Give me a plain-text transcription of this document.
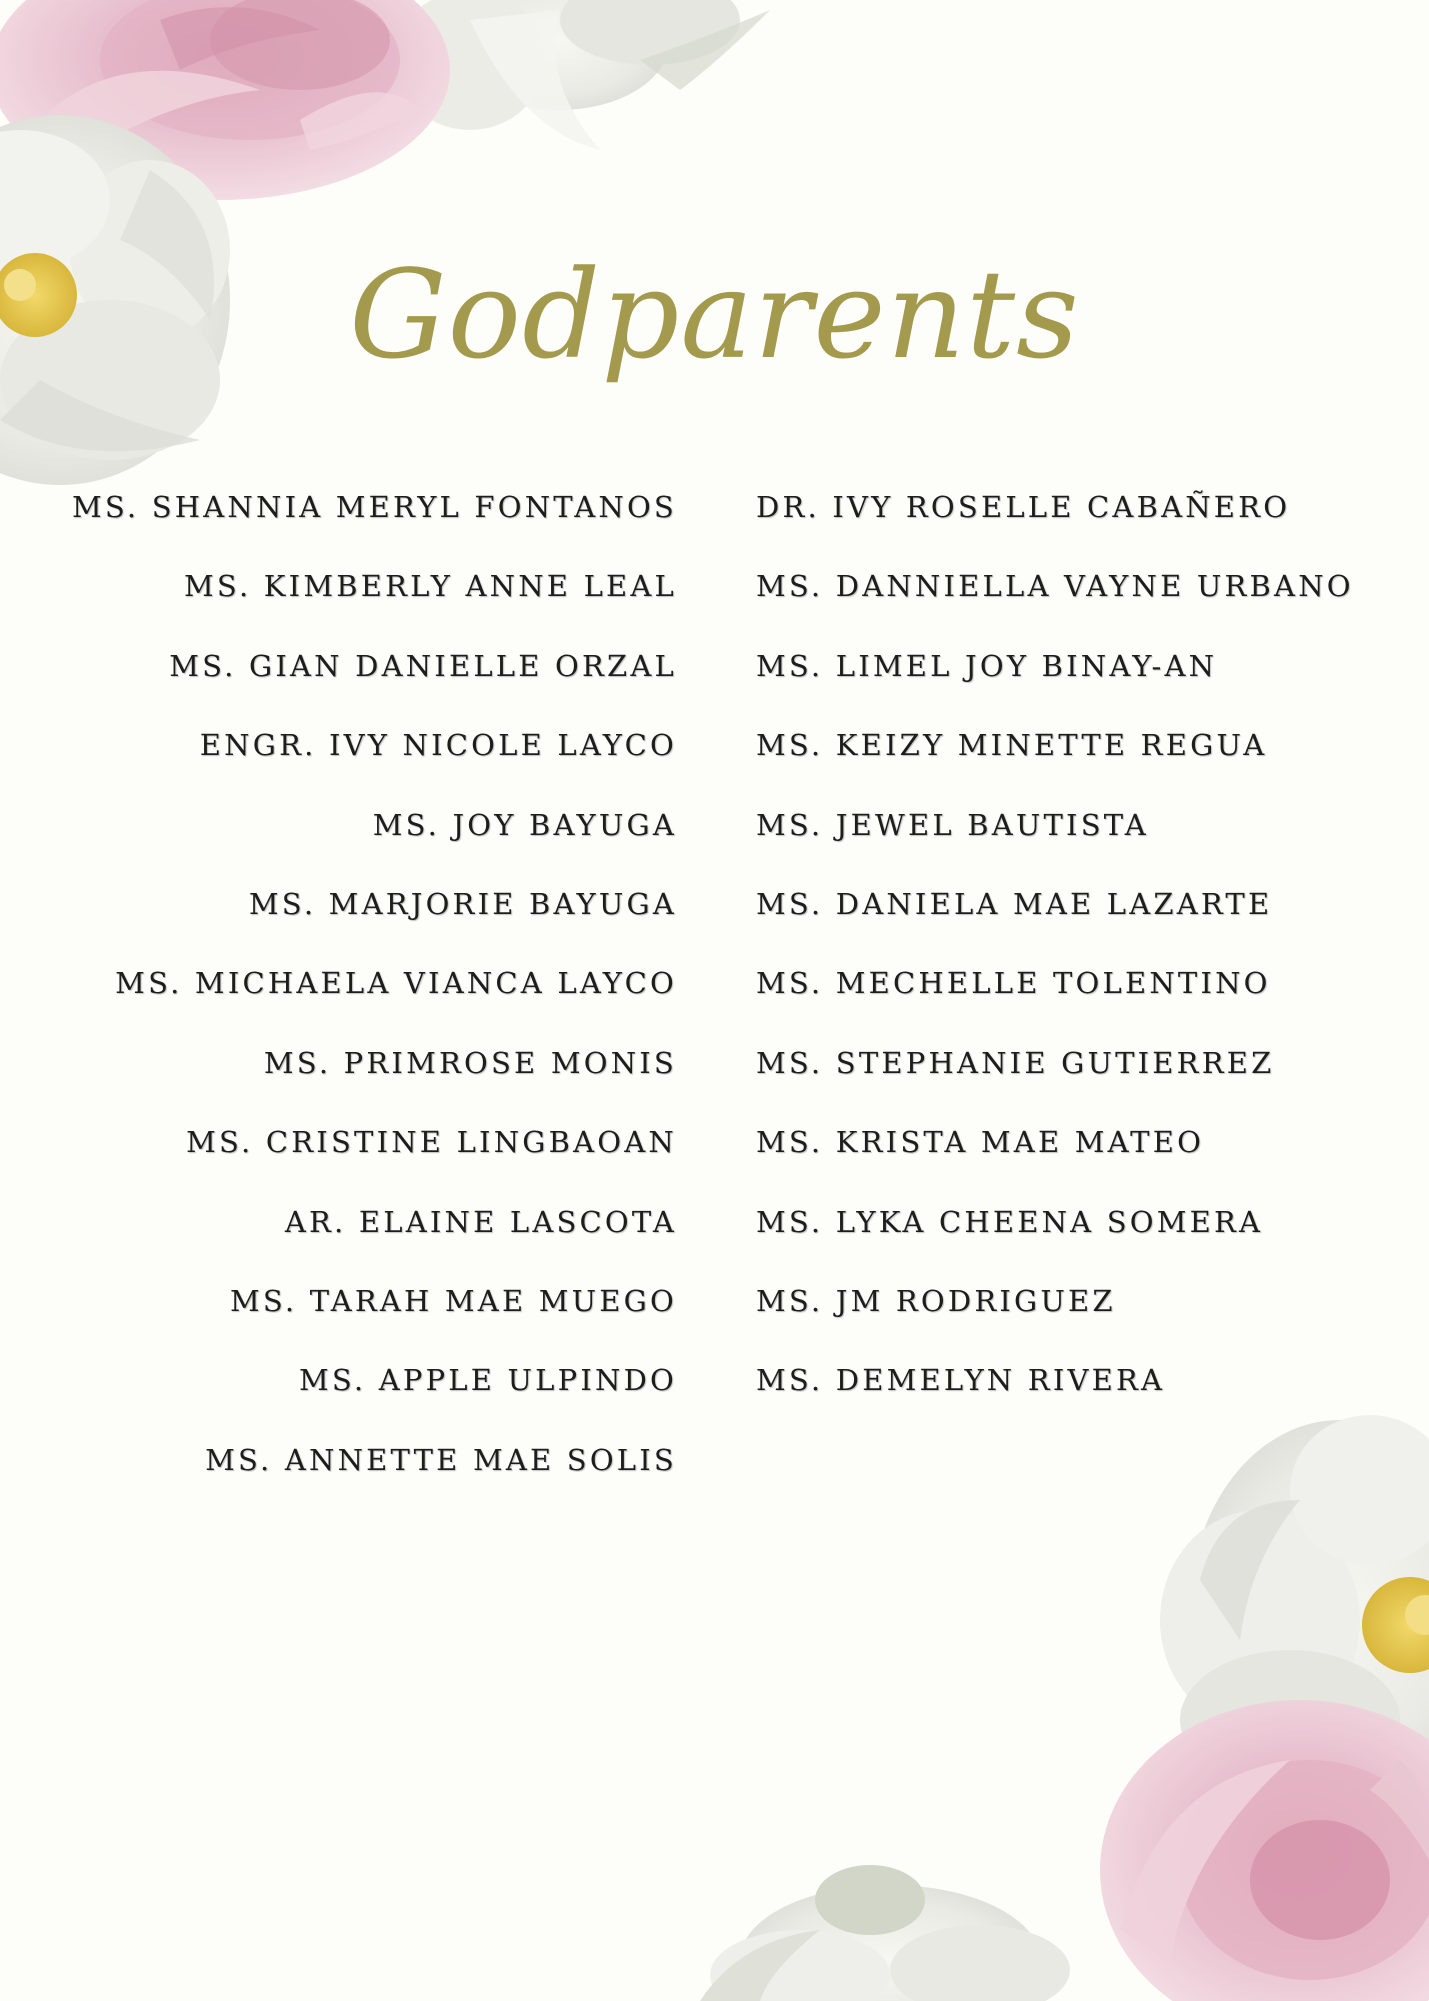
Godparents
MS. SHANNIA MERYL FONTANOS
MS. KIMBERLY ANNE LEAL
MS. GIAN DANIELLE ORZAL
ENGR. IVY NICOLE LAYCO
MS. JOY BAYUGA
MS. MARJORIE BAYUGA
MS. MICHAELA VIANCA LAYCO
MS. PRIMROSE MONIS
MS. CRISTINE LINGBAOAN
AR. ELAINE LASCOTA
MS. TARAH MAE MUEGO
MS. APPLE ULPINDO
MS. ANNETTE MAE SOLIS
DR. IVY ROSELLE CABAÑERO
MS. DANNIELLA VAYNE URBANO
MS. LIMEL JOY BINAY-AN
MS. KEIZY MINETTE REGUA
MS. JEWEL BAUTISTA
MS. DANIELA MAE LAZARTE
MS. MECHELLE TOLENTINO
MS. STEPHANIE GUTIERREZ
MS. KRISTA MAE MATEO
MS. LYKA CHEENA SOMERA
MS. JM RODRIGUEZ
MS. DEMELYN RIVERA
